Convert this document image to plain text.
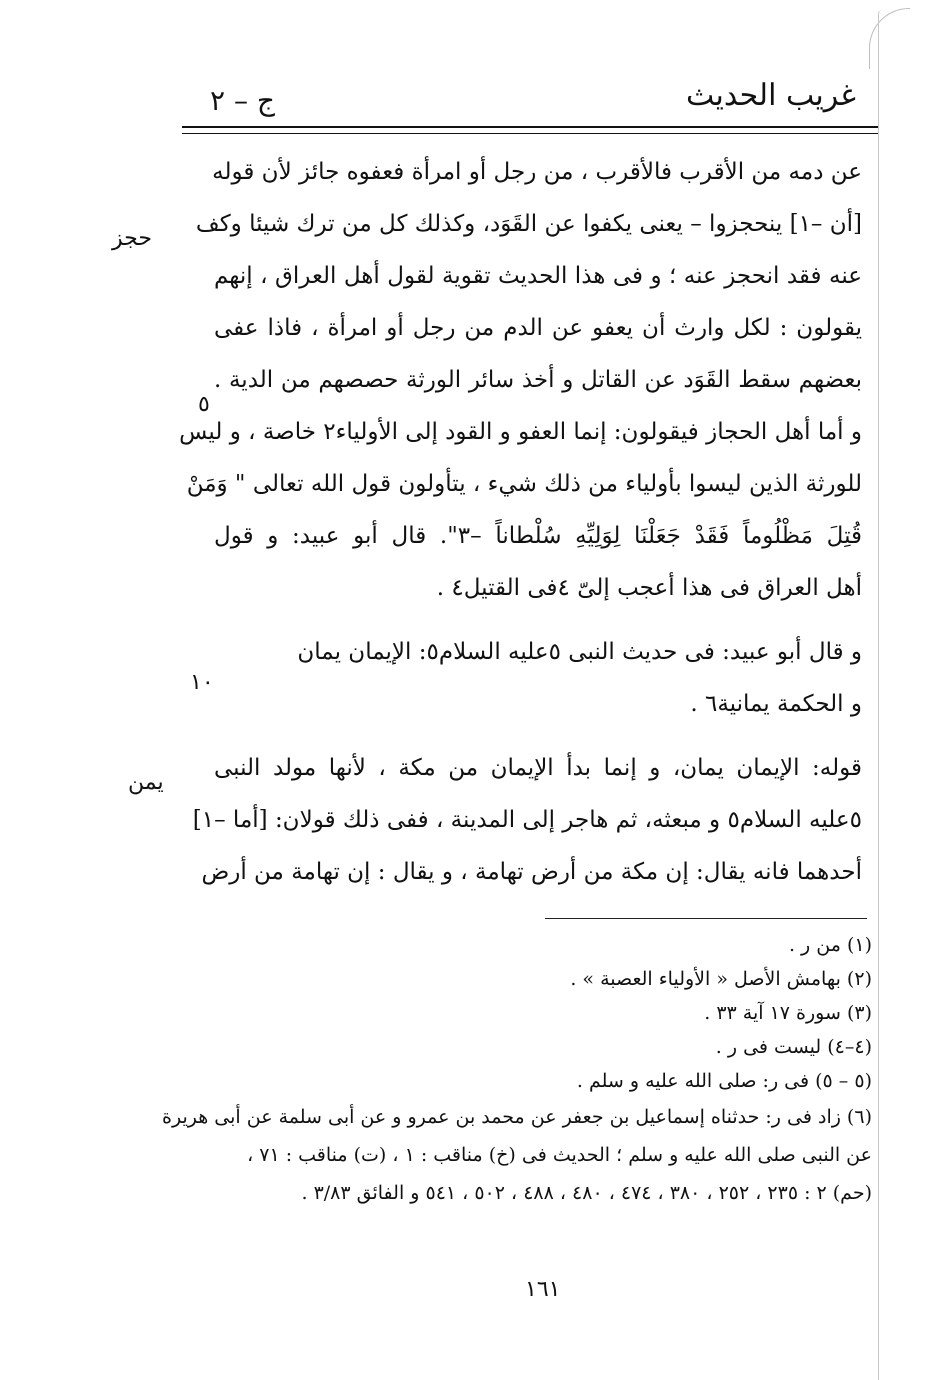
غريب الحديث
ج – ٢
عن دمه من الأقرب فالأقرب ، من رجل أو امرأة فعفوه جائز لأن قوله
[أن –١] ينحجزوا – يعنى يكفوا عن القَوَد، وكذلك كل من ترك شيئا وكف
عنه فقد انحجز عنه ؛ و فى هذا الحديث تقوية لقول أهل العراق ، إنهم
يقولون : لكل وارث أن يعفو عن الدم من رجل أو امرأة ، فاذا عفى
بعضهم سقط القَوَد عن القاتل و أخذ سائر الورثة حصصهم من الدية .
و أما أهل الحجاز فيقولون: إنما العفو و القود إلى الأولياء٢ خاصة ، و ليس
للورثة الذين ليسوا بأولياء من ذلك شيء ، يتأولون قول الله تعالى " وَمَنْ
قُتِلَ مَظْلُوماً فَقَدْ جَعَلْنَا لِوَلِيِّهِ سُلْطاناً –٣". قال أبو عبيد: و قول
أهل العراق فى هذا أعجب إلىّ ٤فى القتيل٤ .
و قال أبو عبيد: فى حديث النبى ٥عليه السلام٥: الإيمان يمان
و الحكمة يمانية٦ .
قوله: الإيمان يمان، و إنما بدأ الإيمان من مكة ، لأنها مولد النبى
٥عليه السلام٥ و مبعثه، ثم هاجر إلى المدينة ، ففى ذلك قولان: [أما –١]
أحدهما فانه يقال: إن مكة من أرض تهامة ، و يقال : إن تهامة من أرض
حجز
يمن
٥
١٠
(١) من ر .
(٢) بهامش الأصل « الأولياء العصبة » .
(٣) سورة ١٧ آية ٣٣ .
(٤–٤) ليست فى ر .
(٥ – ٥) فى ر: صلى الله عليه و سلم .
(٦) زاد فى ر: حدثناه إسماعيل بن جعفر عن محمد بن عمرو و عن أبى سلمة عن أبى هريرة
عن النبى صلى الله عليه و سلم ؛ الحديث فى (خ) مناقب : ١ ، (ت) مناقب : ٧١ ،
(حم) ٢ : ٢٣٥ ، ٢٥٢ ، ٣٨٠ ، ٤٧٤ ، ٤٨٠ ، ٤٨٨ ، ٥٠٢ ، ٥٤١ و الفائق ٣/٨٣ .
١٦١
